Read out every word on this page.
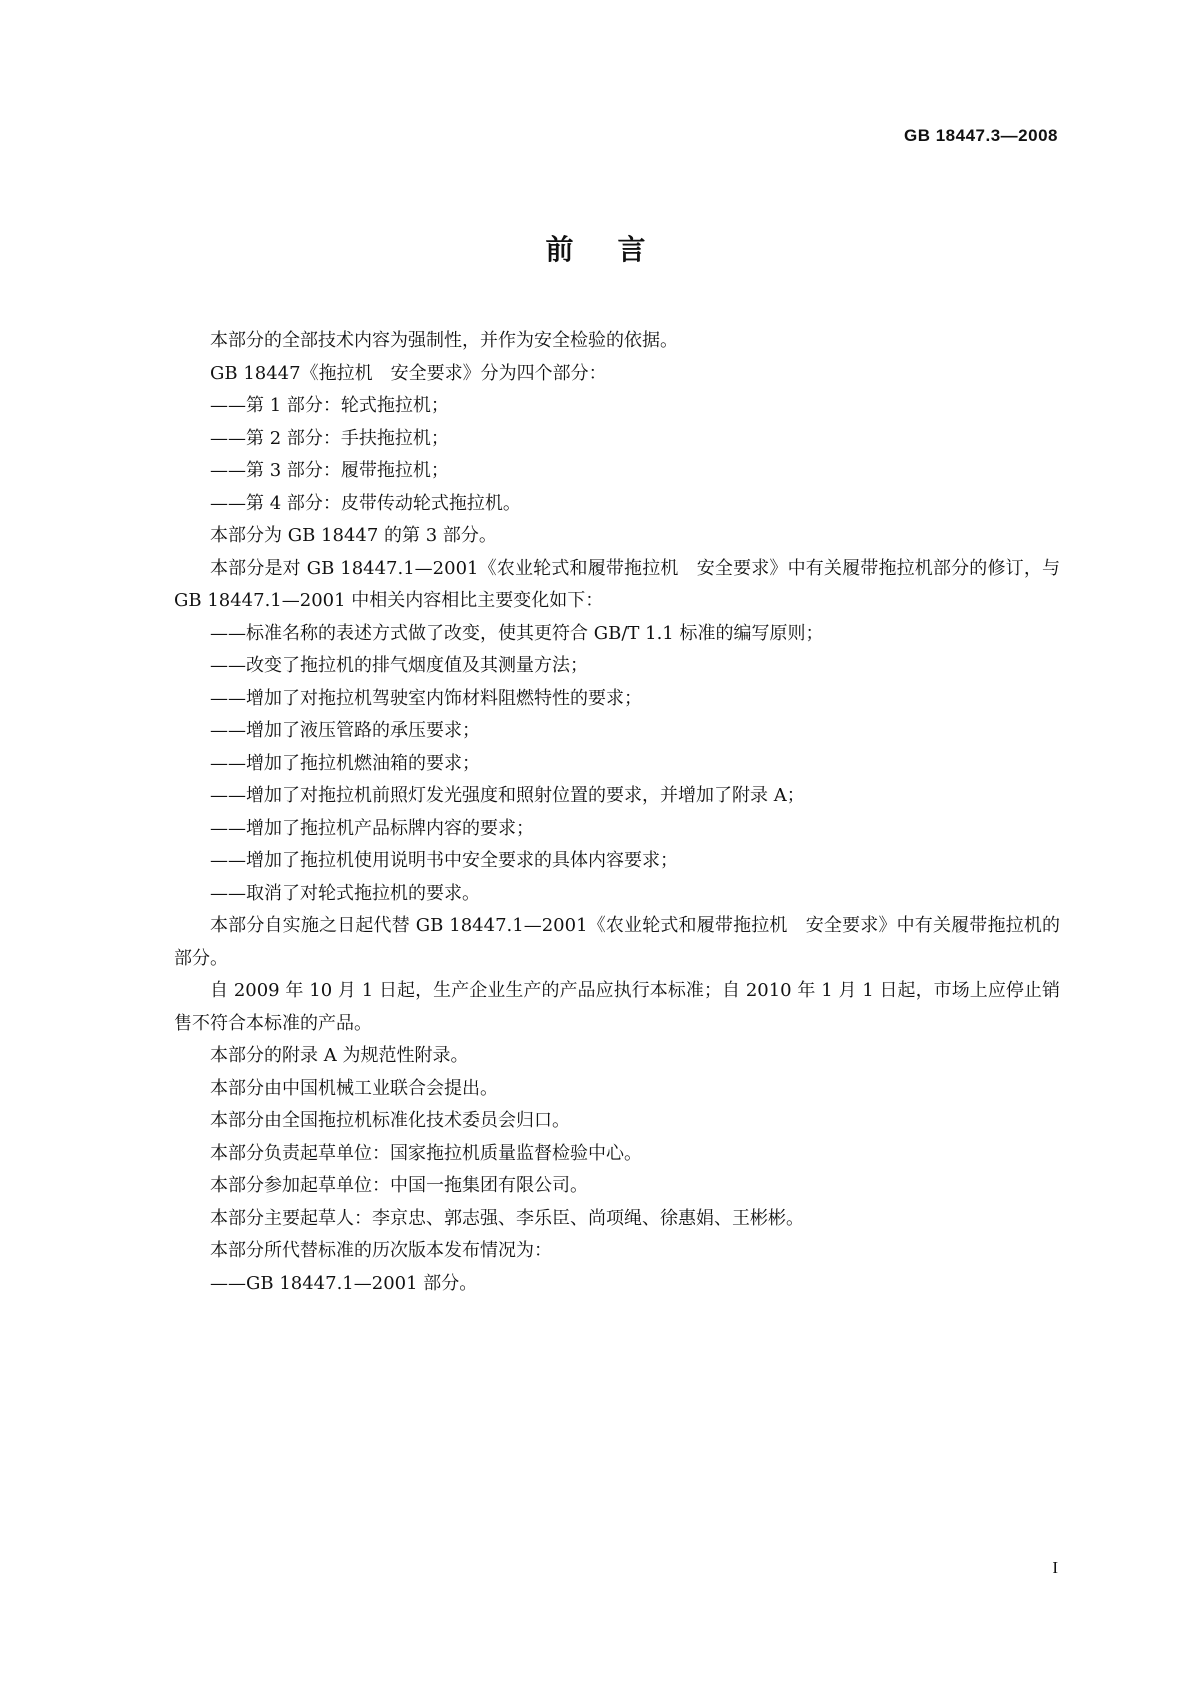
GB 18447.3—2008
前言

本部分的全部技术内容为强制性，并作为安全检验的依据。

GB 18447《拖拉机　安全要求》分为四个部分：

——第 1 部分：轮式拖拉机；

——第 2 部分：手扶拖拉机；

——第 3 部分：履带拖拉机；

——第 4 部分：皮带传动轮式拖拉机。

本部分为 GB 18447 的第 3 部分。

本部分是对 GB 18447.1—2001《农业轮式和履带拖拉机　安全要求》中有关履带拖拉机部分的修订，与 GB 18447.1—2001 中相关内容相比主要变化如下：

——标准名称的表述方式做了改变，使其更符合 GB/T 1.1 标准的编写原则；

——改变了拖拉机的排气烟度值及其测量方法；

——增加了对拖拉机驾驶室内饰材料阻燃特性的要求；

——增加了液压管路的承压要求；

——增加了拖拉机燃油箱的要求；

——增加了对拖拉机前照灯发光强度和照射位置的要求，并增加了附录 A；

——增加了拖拉机产品标牌内容的要求；

——增加了拖拉机使用说明书中安全要求的具体内容要求；

——取消了对轮式拖拉机的要求。

本部分自实施之日起代替 GB 18447.1—2001《农业轮式和履带拖拉机　安全要求》中有关履带拖拉机的部分。

自 2009 年 10 月 1 日起，生产企业生产的产品应执行本标准；自 2010 年 1 月 1 日起，市场上应停止销售不符合本标准的产品。

本部分的附录 A 为规范性附录。

本部分由中国机械工业联合会提出。

本部分由全国拖拉机标准化技术委员会归口。

本部分负责起草单位：国家拖拉机质量监督检验中心。

本部分参加起草单位：中国一拖集团有限公司。

本部分主要起草人：李京忠、郭志强、李乐臣、尚项绳、徐惠娟、王彬彬。

本部分所代替标准的历次版本发布情况为：

——GB 18447.1—2001 部分。

I
